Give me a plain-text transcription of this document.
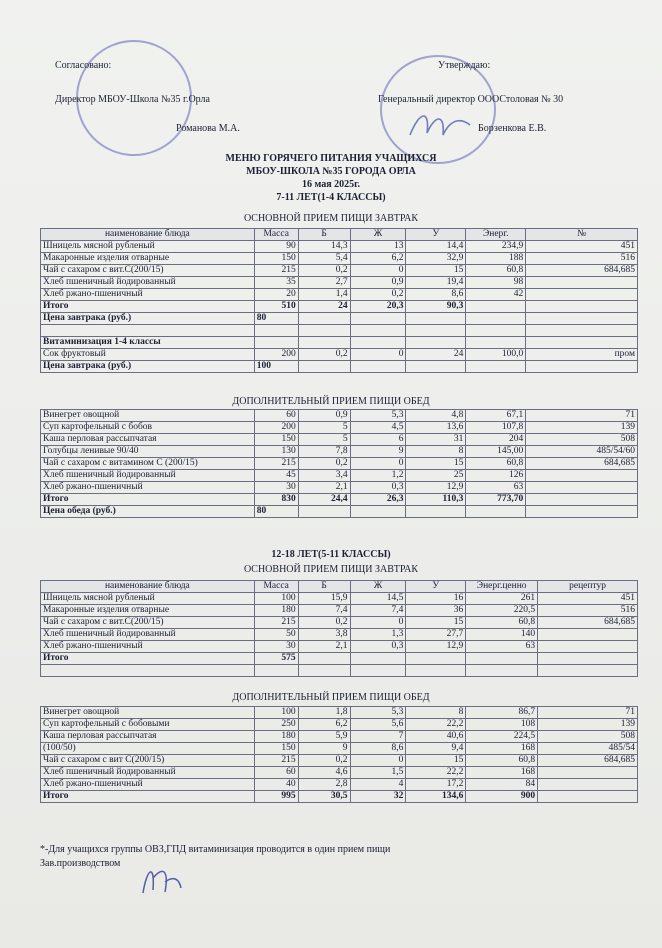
Согласовано:	Утверждаю:
Директор МБОУ-Школа №35 г.Орла	Генеральный директор ОООСтоловая № 30
Романова М.А.	Борзенкова Е.В.
МЕНЮ ГОРЯЧЕГО ПИТАНИЯ УЧАЩИХСЯ
МБОУ-ШКОЛА №35 ГОРОДА ОРЛА
16 мая 2025г.
7-11 ЛЕТ(1-4 КЛАССЫ)
ОСНОВНОЙ ПРИЕМ ПИЩИ ЗАВТРАК
наименование блюда	Масса	Б	Ж	У	Энерг.	№
Шницель мясной рубленый	90	14,3	13	14,4	234,9	451
Макаронные изделия отварные	150	5,4	6,2	32,9	188	516
Чай с сахаром с вит.С(200/15)	215	0,2	0	15	60,8	684,685
Хлеб пшеничный йодированный	35	2,7	0,9	19,4	98	
Хлеб ржано-пшеничный	20	1,4	0,2	8,6	42	
Итого	510	24	20,3	90,3		
Цена завтрака (руб.)	80					

Витаминизация 1-4 классы						
Сок фруктовый	200	0,2	0	24	100,0	пром
Цена завтрака (руб.)	100					
ДОПОЛНИТЕЛЬНЫЙ ПРИЕМ ПИЩИ ОБЕД
Винегрет овощной	60	0,9	5,3	4,8	67,1	71
Суп картофельный с бобов	200	5	4,5	13,6	107,8	139
Каша перловая рассыпчатая	150	5	6	31	204	508
Голубцы ленивые 90/40	130	7,8	9	8	145,00	485/54/60
Чай с сахаром с витамином С (200/15)	215	0,2	0	15	60,8	684,685
Хлеб пшеничный йодированный	45	3,4	1,2	25	126	
Хлеб ржано-пшеничный	30	2,1	0,3	12,9	63	
Итого	830	24,4	26,3	110,3	773,70	
Цена обеда (руб.)	80					
12-18 ЛЕТ(5-11 КЛАССЫ)
ОСНОВНОЙ ПРИЕМ ПИЩИ ЗАВТРАК
наименование блюда	Масса	Б	Ж	У	Энерг.ценно	рецептур
Шницель мясной рубленый	100	15,9	14,5	16	261	451
Макаронные изделия отварные	180	7,4	7,4	36	220,5	516
Чай с сахаром с вит.С(200/15)	215	0,2	0	15	60,8	684,685
Хлеб пшеничный йодированный	50	3,8	1,3	27,7	140	
Хлеб ржано-пшеничный	30	2,1	0,3	12,9	63	
Итого	575					

ДОПОЛНИТЕЛЬНЫЙ ПРИЕМ ПИЩИ ОБЕД
Винегрет овощной	100	1,8	5,3	8	86,7	71
Суп картофельный с бобовыми	250	6,2	5,6	22,2	108	139
Каша перловая рассыпчатая	180	5,9	7	40,6	224,5	508
(100/50)	150	9	8,6	9,4	168	485/54
Чай с сахаром с вит С(200/15)	215	0,2	0	15	60,8	684,685
Хлеб пшеничный йодированный	60	4,6	1,5	22,2	168	
Хлеб ржано-пшеничный	40	2,8	4	17,2	84	
Итого	995	30,5	32	134,6	900	
*-Для учащихся группы ОВЗ,ГПД витаминизация проводится в один прием пищи
Зав.производством
